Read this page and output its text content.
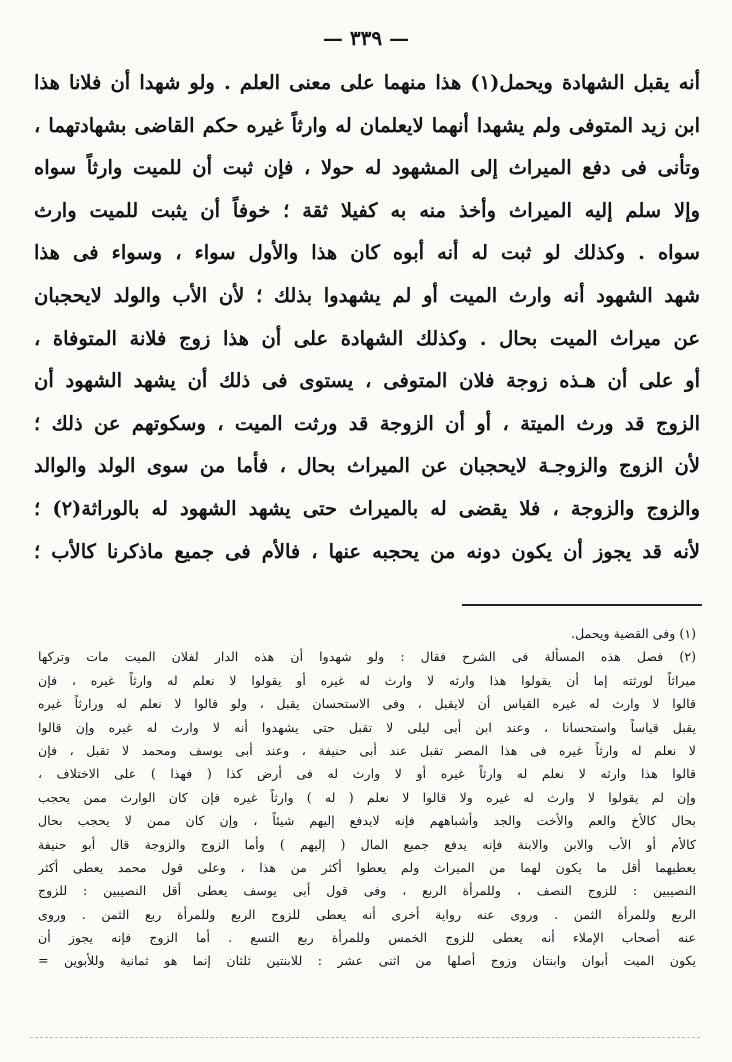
— ٣٣٩ —
أنه يقبل الشهادة ويحمل(١) هذا منهما على معنى العلم . ولو شهدا أن فلانا هذا
ابن زيد المتوفى ولم يشهدا أنهما لايعلمان له وارثاً غيره حكم القاضى بشهادتهما ،
وتأنى فى دفع الميراث إلى المشهود له حولا ، فإن ثبت أن للميت وارثاً سواه
وإلا سلم إليه الميراث وأخذ منه به كفيلا ثقة ؛ خوفاً أن يثبت للميت وارث
سواه . وكذلك لو ثبت له أنه أبوه كان هذا والأول سواء ، وسواء فى هذا
شهد الشهود أنه وارث الميت أو لم يشهدوا بذلك ؛ لأن الأب والولد لايحجبان
عن ميراث الميت بحال . وكذلك الشهادة على أن هذا زوج فلانة المتوفاة ،
أو على أن هـذه زوجة فلان المتوفى ، يستوى فى ذلك أن يشهد الشهود أن
الزوج قد ورث الميتة ، أو أن الزوجة قد ورثت الميت ، وسكوتهم عن ذلك ؛
لأن الزوج والزوجـة لايحجبان عن الميراث بحال ، فأما من سوى الولد والوالد
والزوج والزوجة ، فلا يقضى له بالميراث حتى يشهد الشهود له بالوراثة(٢) ؛
لأنه قد يجوز أن يكون دونه من يحجبه عنها ، فالأم فى جميع ماذكرنا كالأب ؛
(١) وفى القضية ويحمل.
(٢) فصل هذه المسألة فى الشرح فقال : ولو شهدوا أن هذه الدار لفلان الميت مات وتركها
ميراثاً لورثته إما أن يقولوا هذا وارثه لا وارث له غيره أو يقولوا لا نعلم له وارثاً غيره ، فإن
قالوا لا وارث له غيره القياس أن لايقبل ، وفى الاستحسان يقبل ، ولو قالوا لا نعلم له ورارثاً غيره
يقبل قياساً واستحسانا ، وعند ابن أبى ليلى لا تقبل حتى يشهدوا أنه لا وارث له غيره وإن قالوا
لا نعلم له وارثاً غيره فى هذا المصر تقبل عند أبى حنيفة ، وعند أبى يوسف ومحمد لا تقبل ، فإن
قالوا هذا وارثه لا نعلم له وارثاً غيره أو لا وارث له فى أرض كذا ( فهذا ) على الاختلاف ،
وإن لم يقولوا لا وارث له غيره ولا قالوا لا نعلم ( له ) وارثاً غيره فإن كان الوارث ممن يحجب
بحال كالأخ والعم والأخت والجد وأشباههم فإنه لايدفع إليهم شيئاً ، وإن كان ممن لا يحجب بحال
كالأم أو الأب والابن والابنة فإنه يدفع جميع المال ( إليهم ) وأما الزوج والزوجة قال أبو حنيفة
يعطيهما أقل ما يكون لهما من الميراث ولم يعطوا أكثر من هذا ، وعلى قول محمد يعطى أكثر
النصيبين : للزوج النصف ، وللمرأة الربع ، وفى قول أبى يوسف يعطى أقل النصيبين : للزوج
الربع وللمرأة الثمن . وروى عنه رواية أخرى أنه يعطى للزوج الربع وللمرأة ربع الثمن . وروى
عنه أصحاب الإملاء أنه يعطى للزوج الخمس وللمرأة ربع التسع . أما الزوج فإنه يجوز أن
يكون الميت أبوان وابنتان وزوج أصلها من اثنى عشر : للابنتين ثلثان إنما هو ثمانية وللأبوين =
